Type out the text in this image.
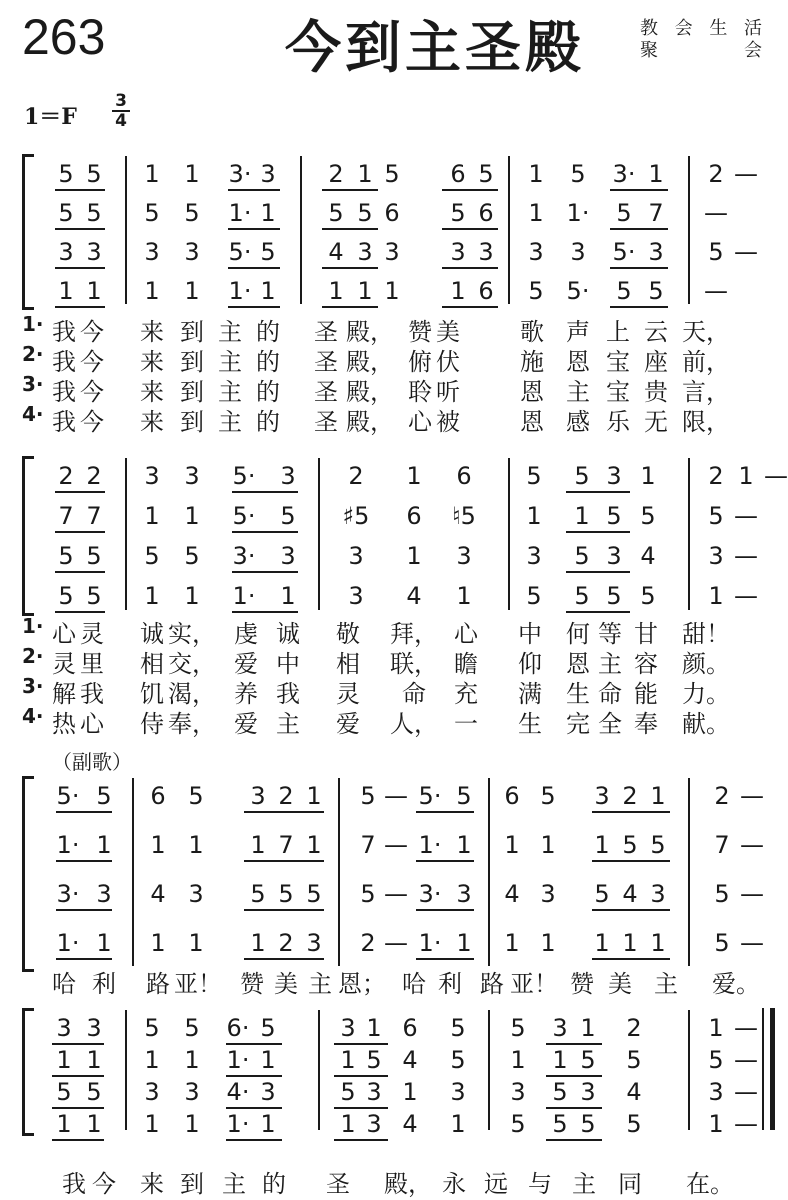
263	今到主圣殿	教 会 生 活
聚	会
1＝F
3
4
（副歌）
5 5 1 1 3· 3 2 1 5 6 5 1 5 3· 1 2 —
5 5 5 5 1· 1 5 5 6 5 6 1 1· 5 7 —
3 3 3 3 5· 5 4 3 3 3 3 3 3 5· 3 5 —
1 1 1 1 1· 1 1 1 1 1 6 5 5· 5 5 —
1· 我 今 来 到 主 的 圣 殿， 赞 美	歌 声 上 云 天，
2· 我 今 来 到 主 的 圣 殿， 俯 伏	施 恩 宝 座 前，
3· 我 今 来 到 主 的 圣 殿， 聆 听	恩 主 宝 贵 言，
4· 我 今 来 到 主 的 圣 殿， 心 被	恩 感 乐 无 限，
2 2 3 3 5· 3 2 1 6 5 5 3 1 2 1 —
7 7 1 1 5· 5 ♯5 6 ♮5 1 1 5 5 5 —
5 5 5 5 3· 3 3 1 3 3 5 3 4 3 —
5 5 1 1 1· 1 3 4 1 5 5 5 5 1 —
1· 心 灵 诚 实， 虔 诚 敬 拜， 心 中 何 等 甘 甜！
2· 灵 里 相 交， 爱 中 相 联， 瞻 仰 恩 主 容 颜。
3· 解 我 饥 渴， 养 我 灵 命 充 满 生 命 能 力。
4· 热 心 侍 奉， 爱 主 爱 人， 一 生 完 全 奉 献。
5· 5 6 5 3 2 1 5 — 5· 5 6 5 3 2 1 2 —
1· 1 1 1 1 7 1 7 — 1· 1 1 1 1 5 5 7 —
3· 3 4 3 5 5 5 5 — 3· 3 4 3 5 4 3 5 —
1· 1 1 1 1 2 3 2 — 1· 1 1 1 1 1 1 5 —
哈 利 路 亚！ 赞 美 主 恩； 哈 利 路 亚！ 赞 美 主 爱。
3 3 5 5 6· 5	3 1 6 5 5 3 1 2	1 —
1 1 1 1 1· 1	1 5 4 5 1 1 5 5	5 —
5 5 3 3 4· 3	5 3 1 3 3 5 3 4	3 —
1 1 1 1 1· 1	1 3 4 1 5 5 5 5	1 —
我 今 来 到 主 的 圣 殿， 永 远 与 主 同 在。
